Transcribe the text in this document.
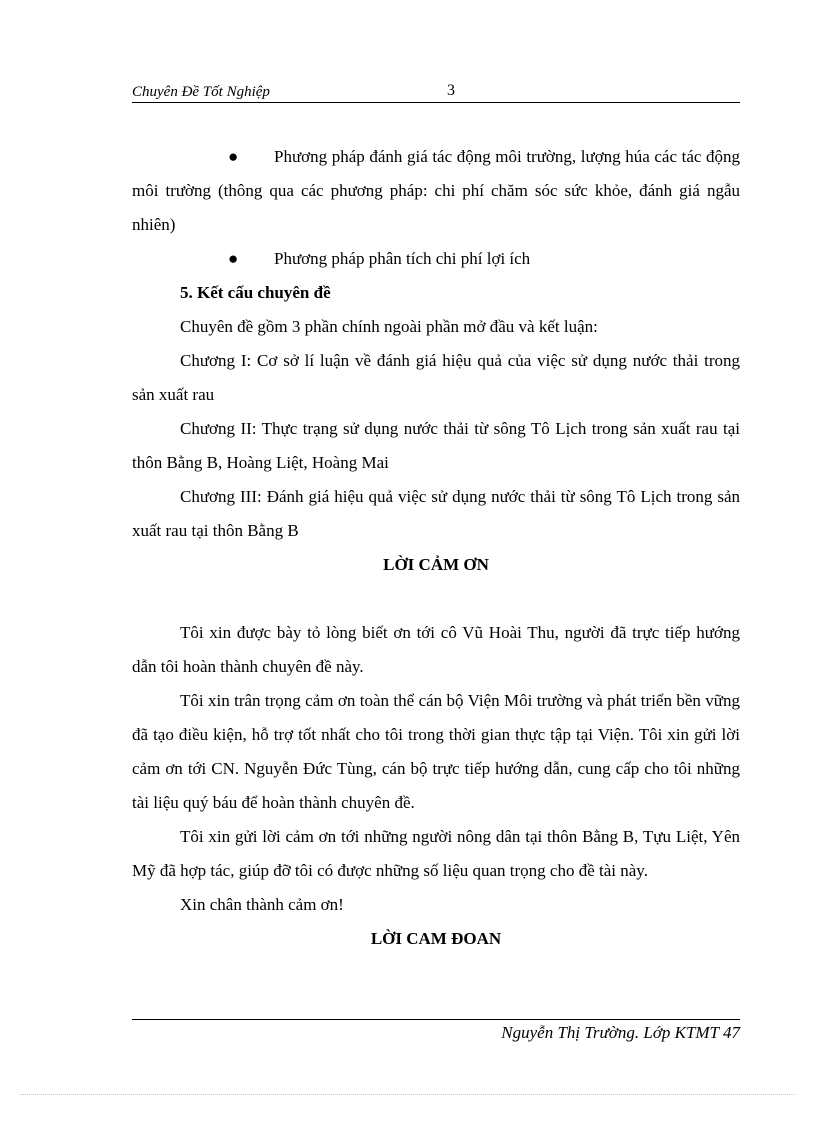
Chuyên Đề Tốt Nghiệp	3

● Phương pháp đánh giá tác động môi trường, lượng húa các tác động môi trường (thông qua các phương pháp: chi phí chăm sóc sức khỏe, đánh giá ngẫu nhiên)

● Phương pháp phân tích chi phí lợi ích

5. Kết cấu chuyên đề

Chuyên đề gồm 3 phần chính ngoài phần mở đầu và kết luận:

Chương I: Cơ sở lí luận về đánh giá hiệu quả của việc sử dụng nước thải trong sản xuất rau

Chương II: Thực trạng sử dụng nước thải từ sông Tô Lịch trong sản xuất rau tại thôn Bằng B, Hoàng Liệt, Hoàng Mai

Chương III: Đánh giá hiệu quả việc sử dụng nước thải từ sông Tô Lịch trong sản xuất rau tại thôn Bằng B

LỜI CẢM ƠN

Tôi xin được bày tỏ lòng biết ơn tới cô Vũ Hoài Thu, người đã trực tiếp hướng dẫn tôi hoàn thành chuyên đề này.

Tôi xin trân trọng cảm ơn toàn thể cán bộ Viện Môi trường và phát triển bền vững đã tạo điều kiện, hỗ trợ tốt nhất cho tôi trong thời gian thực tập tại Viện. Tôi xin gửi lời cảm ơn tới CN. Nguyễn Đức Tùng, cán bộ trực tiếp hướng dẫn, cung cấp cho tôi những tài liệu quý báu để hoàn thành chuyên đề.

Tôi xin gửi lời cảm ơn tới những người nông dân tại thôn Bằng B, Tựu Liệt, Yên Mỹ đã hợp tác, giúp đỡ tôi có được những số liệu quan trọng cho đề tài này.

Xin chân thành cảm ơn!

LỜI CAM ĐOAN

Nguyễn Thị Trường. Lớp KTMT 47
